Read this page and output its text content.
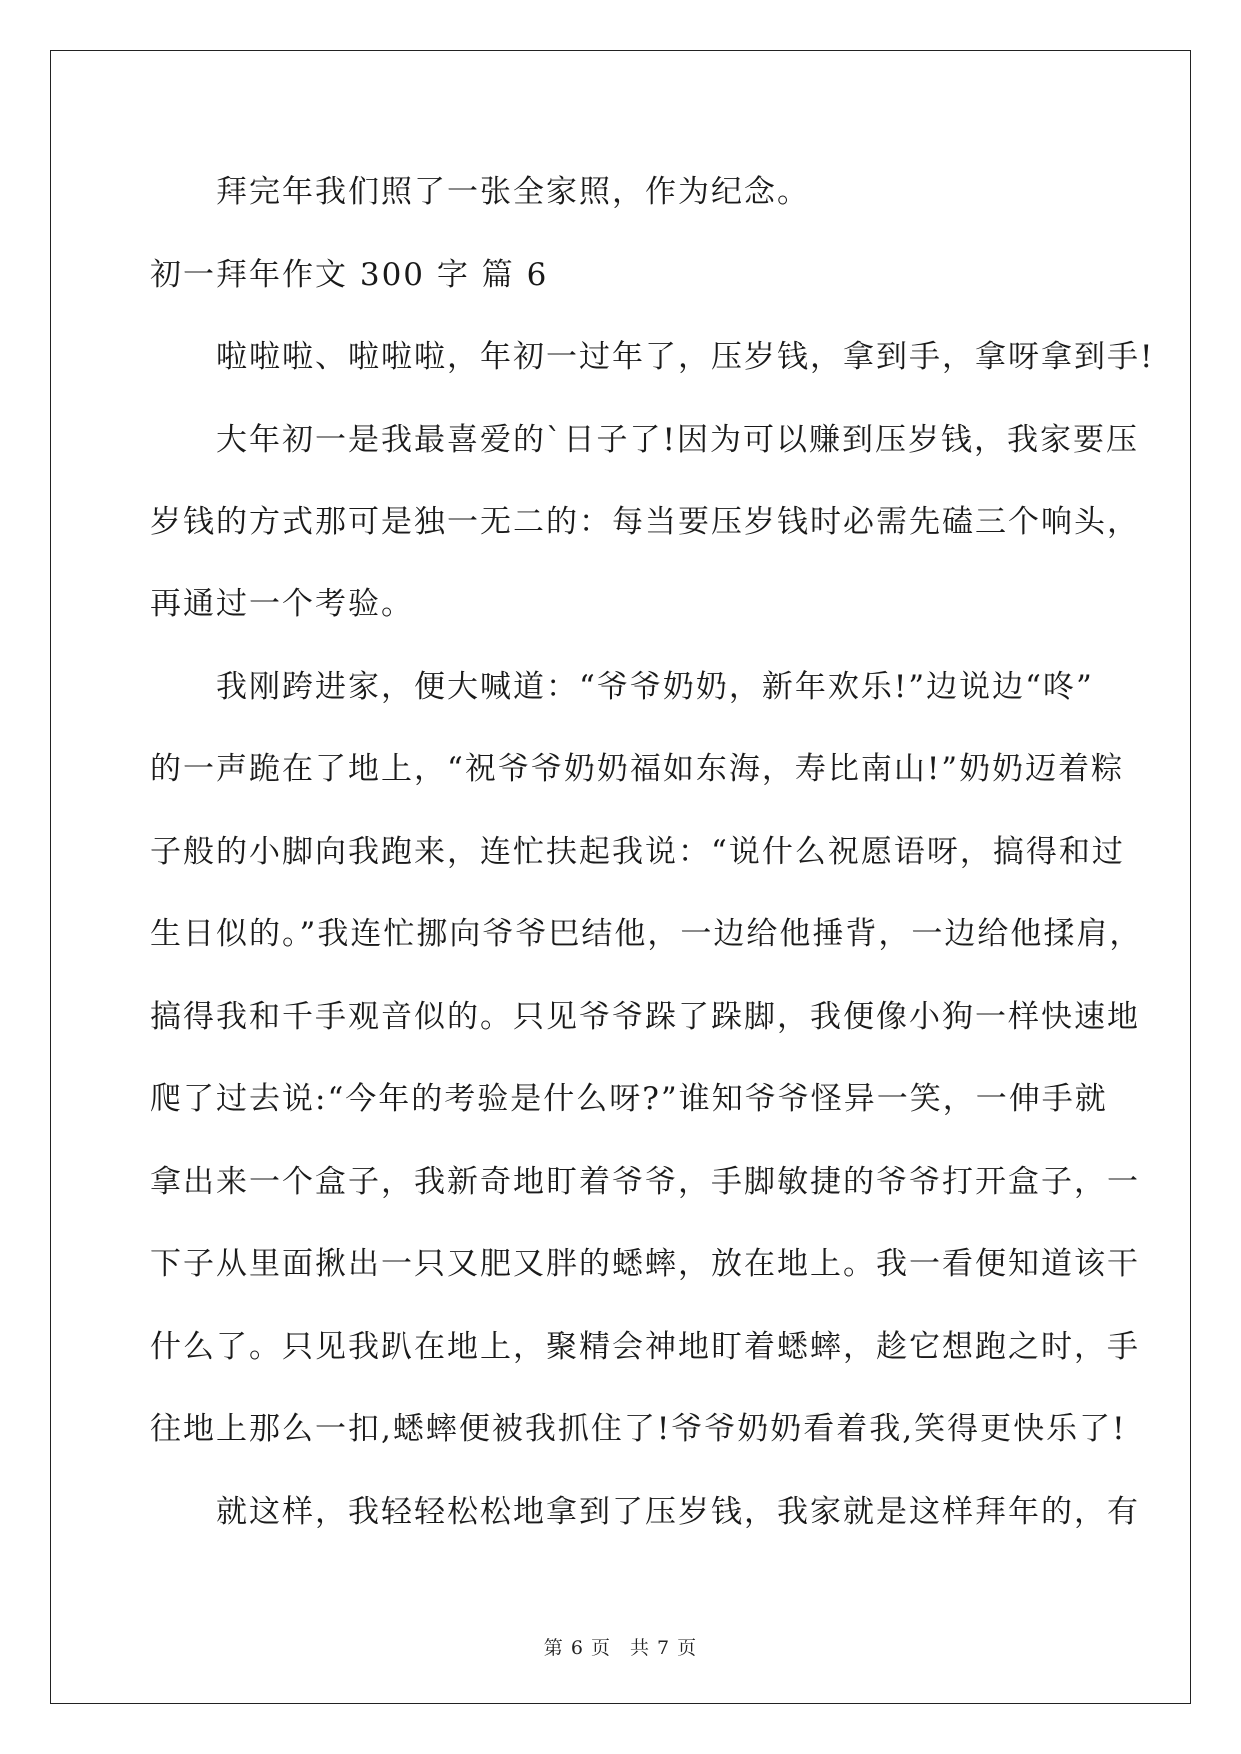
拜完年我们照了一张全家照，作为纪念。
初一拜年作文 300 字 篇 6
啦啦啦、啦啦啦，年初一过年了，压岁钱，拿到手，拿呀拿到手!
大年初一是我最喜爱的`日子了!因为可以赚到压岁钱，我家要压
岁钱的方式那可是独一无二的：每当要压岁钱时必需先磕三个响头，
再通过一个考验。
我刚跨进家，便大喊道：“爷爷奶奶，新年欢乐!”边说边“咚”
的一声跪在了地上，“祝爷爷奶奶福如东海，寿比南山!”奶奶迈着粽
子般的小脚向我跑来，连忙扶起我说：“说什么祝愿语呀，搞得和过
生日似的。”我连忙挪向爷爷巴结他，一边给他捶背，一边给他揉肩，
搞得我和千手观音似的。只见爷爷跺了跺脚，我便像小狗一样快速地
爬了过去说:“今年的考验是什么呀?”谁知爷爷怪异一笑，一伸手就
拿出来一个盒子，我新奇地盯着爷爷，手脚敏捷的爷爷打开盒子，一
下子从里面揪出一只又肥又胖的蟋蟀，放在地上。我一看便知道该干
什么了。只见我趴在地上，聚精会神地盯着蟋蟀，趁它想跑之时，手
往地上那么一扣,蟋蟀便被我抓住了!爷爷奶奶看着我,笑得更快乐了!
就这样，我轻轻松松地拿到了压岁钱，我家就是这样拜年的，有
第 6 页 共 7 页
